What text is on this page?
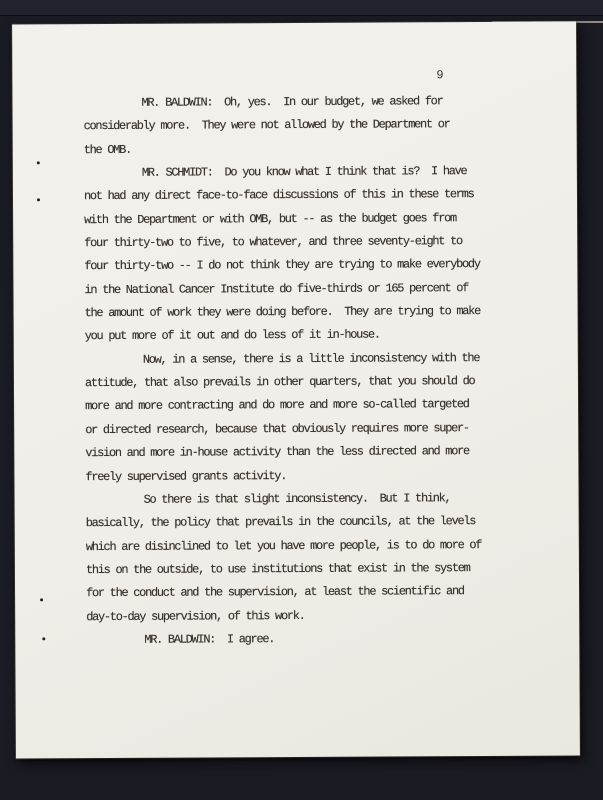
9
MR. BALDWIN:  Oh, yes.  In our budget, we asked for
considerably more.  They were not allowed by the Department or
the OMB.
MR. SCHMIDT:  Do you know what I think that is?  I have
not had any direct face-to-face discussions of this in these terms
with the Department or with OMB, but -- as the budget goes from
four thirty-two to five, to whatever, and three seventy-eight to
four thirty-two -- I do not think they are trying to make everybody
in the National Cancer Institute do five-thirds or 165 percent of
the amount of work they were doing before.  They are trying to make
you put more of it out and do less of it in-house.
Now, in a sense, there is a little inconsistency with the
attitude, that also prevails in other quarters, that you should do
more and more contracting and do more and more so-called targeted
or directed research, because that obviously requires more super-
vision and more in-house activity than the less directed and more
freely supervised grants activity.
So there is that slight inconsistency.  But I think,
basically, the policy that prevails in the councils, at the levels
which are disinclined to let you have more people, is to do more of
this on the outside, to use institutions that exist in the system
for the conduct and the supervision, at least the scientific and
day-to-day supervision, of this work.
MR. BALDWIN:  I agree.
